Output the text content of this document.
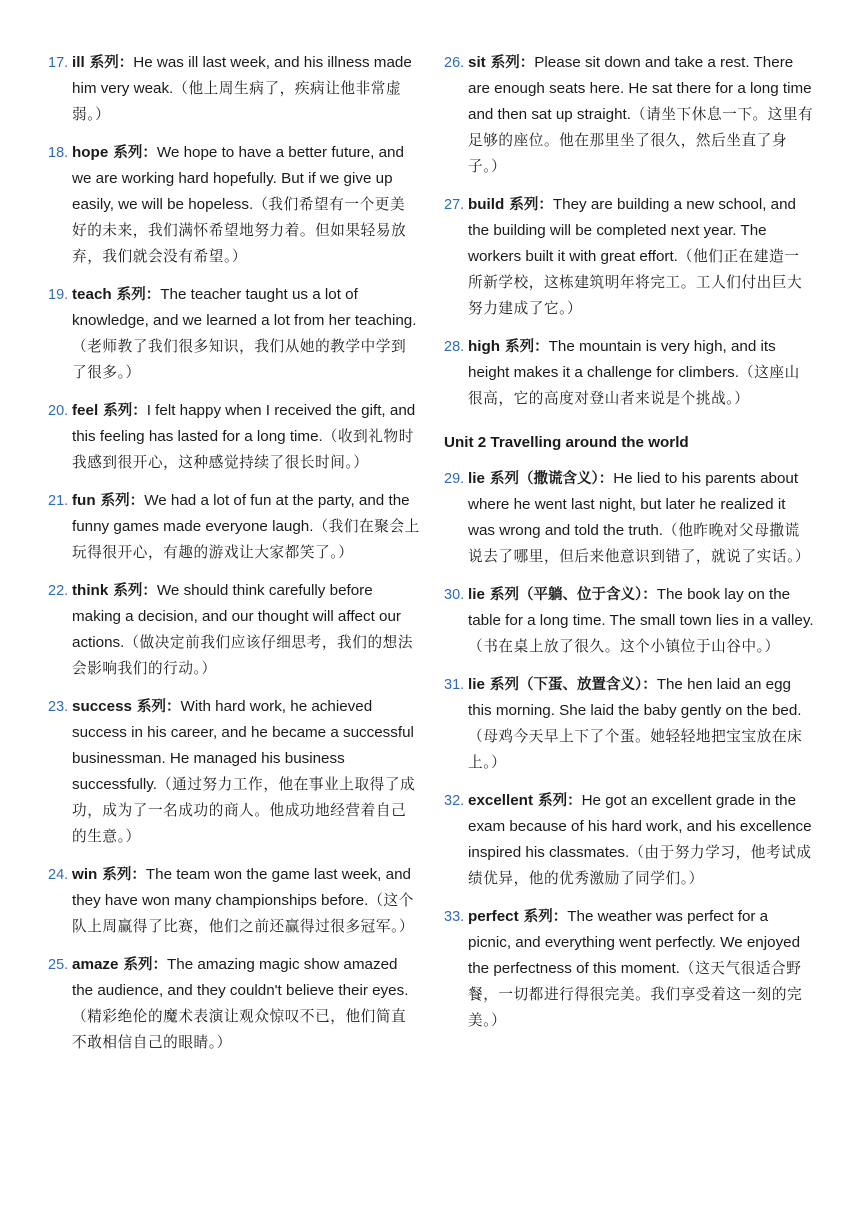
17. ill 系列：He was ill last week, and his illness made him very weak.（他上周生病了，疾病让他非常虚弱。）
18. hope 系列：We hope to have a better future, and we are working hard hopefully. But if we give up easily, we will be hopeless.（我们希望有一个更美好的未来，我们满怀希望地努力着。但如果轻易放弃，我们就会没有希望。）
19. teach 系列：The teacher taught us a lot of knowledge, and we learned a lot from her teaching.（老师教了我们很多知识，我们从她的教学中学到了很多。）
20. feel 系列：I felt happy when I received the gift, and this feeling has lasted for a long time.（收到礼物时我感到很开心，这种感觉持续了很长时间。）
21. fun 系列：We had a lot of fun at the party, and the funny games made everyone laugh.（我们在聚会上玩得很开心，有趣的游戏让大家都笑了。）
22. think 系列：We should think carefully before making a decision, and our thought will affect our actions.（做决定前我们应该仔细思考，我们的想法会影响我们的行动。）
23. success 系列：With hard work, he achieved success in his career, and he became a successful businessman. He managed his business successfully.（通过努力工作，他在事业上取得了成功，成为了一名成功的商人。他成功地经营着自己的生意。）
24. win 系列：The team won the game last week, and they have won many championships before.（这个队上周赢得了比赛，他们之前还赢得过很多冠军。）
25. amaze 系列：The amazing magic show amazed the audience, and they couldn't believe their eyes.（精彩绝伦的魔术表演让观众惊叹不已，他们简直不敢相信自己的眼睛。）
26. sit 系列：Please sit down and take a rest. There are enough seats here. He sat there for a long time and then sat up straight.（请坐下休息一下。这里有足够的座位。他在那里坐了很久，然后坐直了身子。）
27. build 系列：They are building a new school, and the building will be completed next year. The workers built it with great effort.（他们正在建造一所新学校，这栋建筑明年将完工。工人们付出巨大努力建成了它。）
28. high 系列：The mountain is very high, and its height makes it a challenge for climbers.（这座山很高，它的高度对登山者来说是个挑战。）
Unit 2 Travelling around the world
29. lie 系列（撒谎含义）：He lied to his parents about where he went last night, but later he realized it was wrong and told the truth.（他昨晚对父母撒谎说去了哪里，但后来他意识到错了，就说了实话。）
30. lie 系列（平躺、位于含义）：The book lay on the table for a long time. The small town lies in a valley.（书在桌上放了很久。这个小镇位于山谷中。）
31. lie 系列（下蛋、放置含义）：The hen laid an egg this morning. She laid the baby gently on the bed.（母鸡今天早上下了个蛋。她轻轻地把宝宝放在床上。）
32. excellent 系列：He got an excellent grade in the exam because of his hard work, and his excellence inspired his classmates.（由于努力学习，他考试成绩优异，他的优秀激励了同学们。）
33. perfect 系列：The weather was perfect for a picnic, and everything went perfectly. We enjoyed the perfectness of this moment.（这天气很适合野餐，一切都进行得很完美。我们享受着这一刻的完美。）
